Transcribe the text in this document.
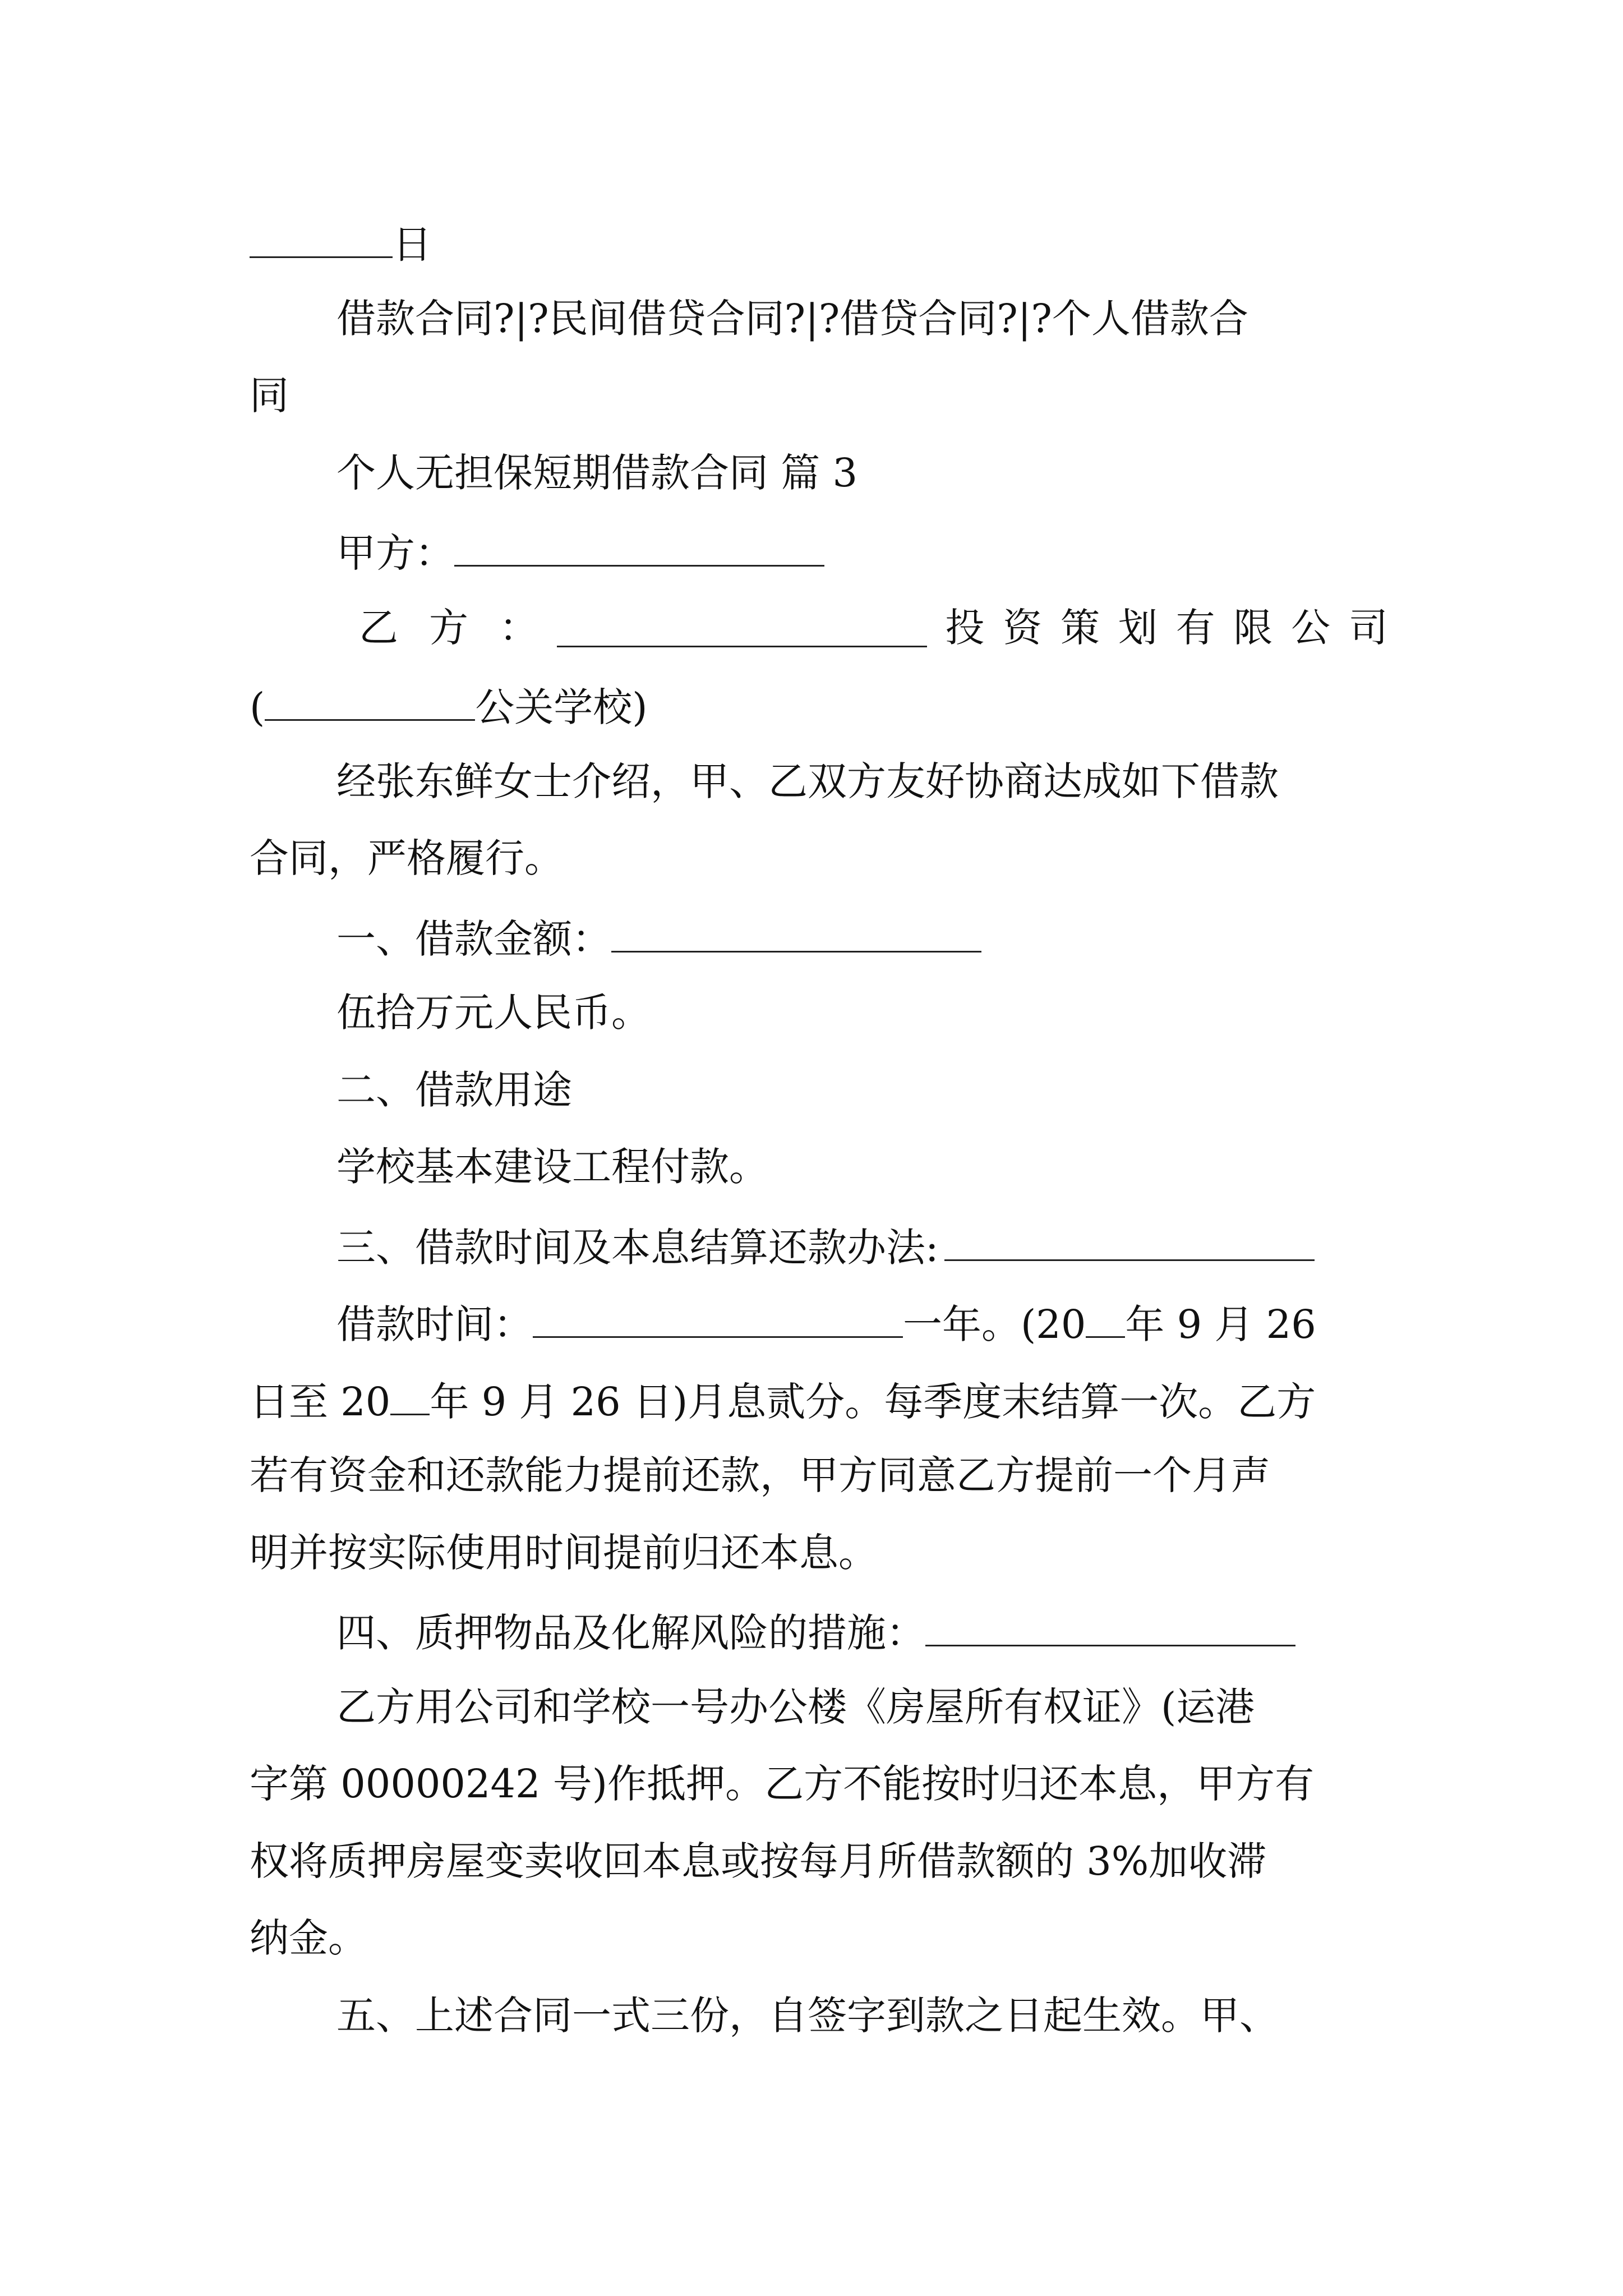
日
借款合同?|?民间借贷合同?|?借贷合同?|?个人借款合
同
个人无担保短期借款合同 篇 3
甲方：
乙 方 ：	投 资 策 划 有 限 公 司
(	公关学校)
经张东鲜女士介绍，甲、乙双方友好协商达成如下借款
合同，严格履行。
一、借款金额：
伍拾万元人民币。
二、借款用途
学校基本建设工程付款。
三、借款时间及本息结算还款办法:
借款时间：	一年。(20 年 9 月 26
日至 20 年 9 月 26 日)月息贰分。每季度末结算一次。乙方
若有资金和还款能力提前还款，甲方同意乙方提前一个月声
明并按实际使用时间提前归还本息。
四、质押物品及化解风险的措施：
乙方用公司和学校一号办公楼《房屋所有权证》(运港
字第 00000242 号)作抵押。乙方不能按时归还本息，甲方有
权将质押房屋变卖收回本息或按每月所借款额的 3%加收滞
纳金。
五、上述合同一式三份，自签字到款之日起生效。甲、
